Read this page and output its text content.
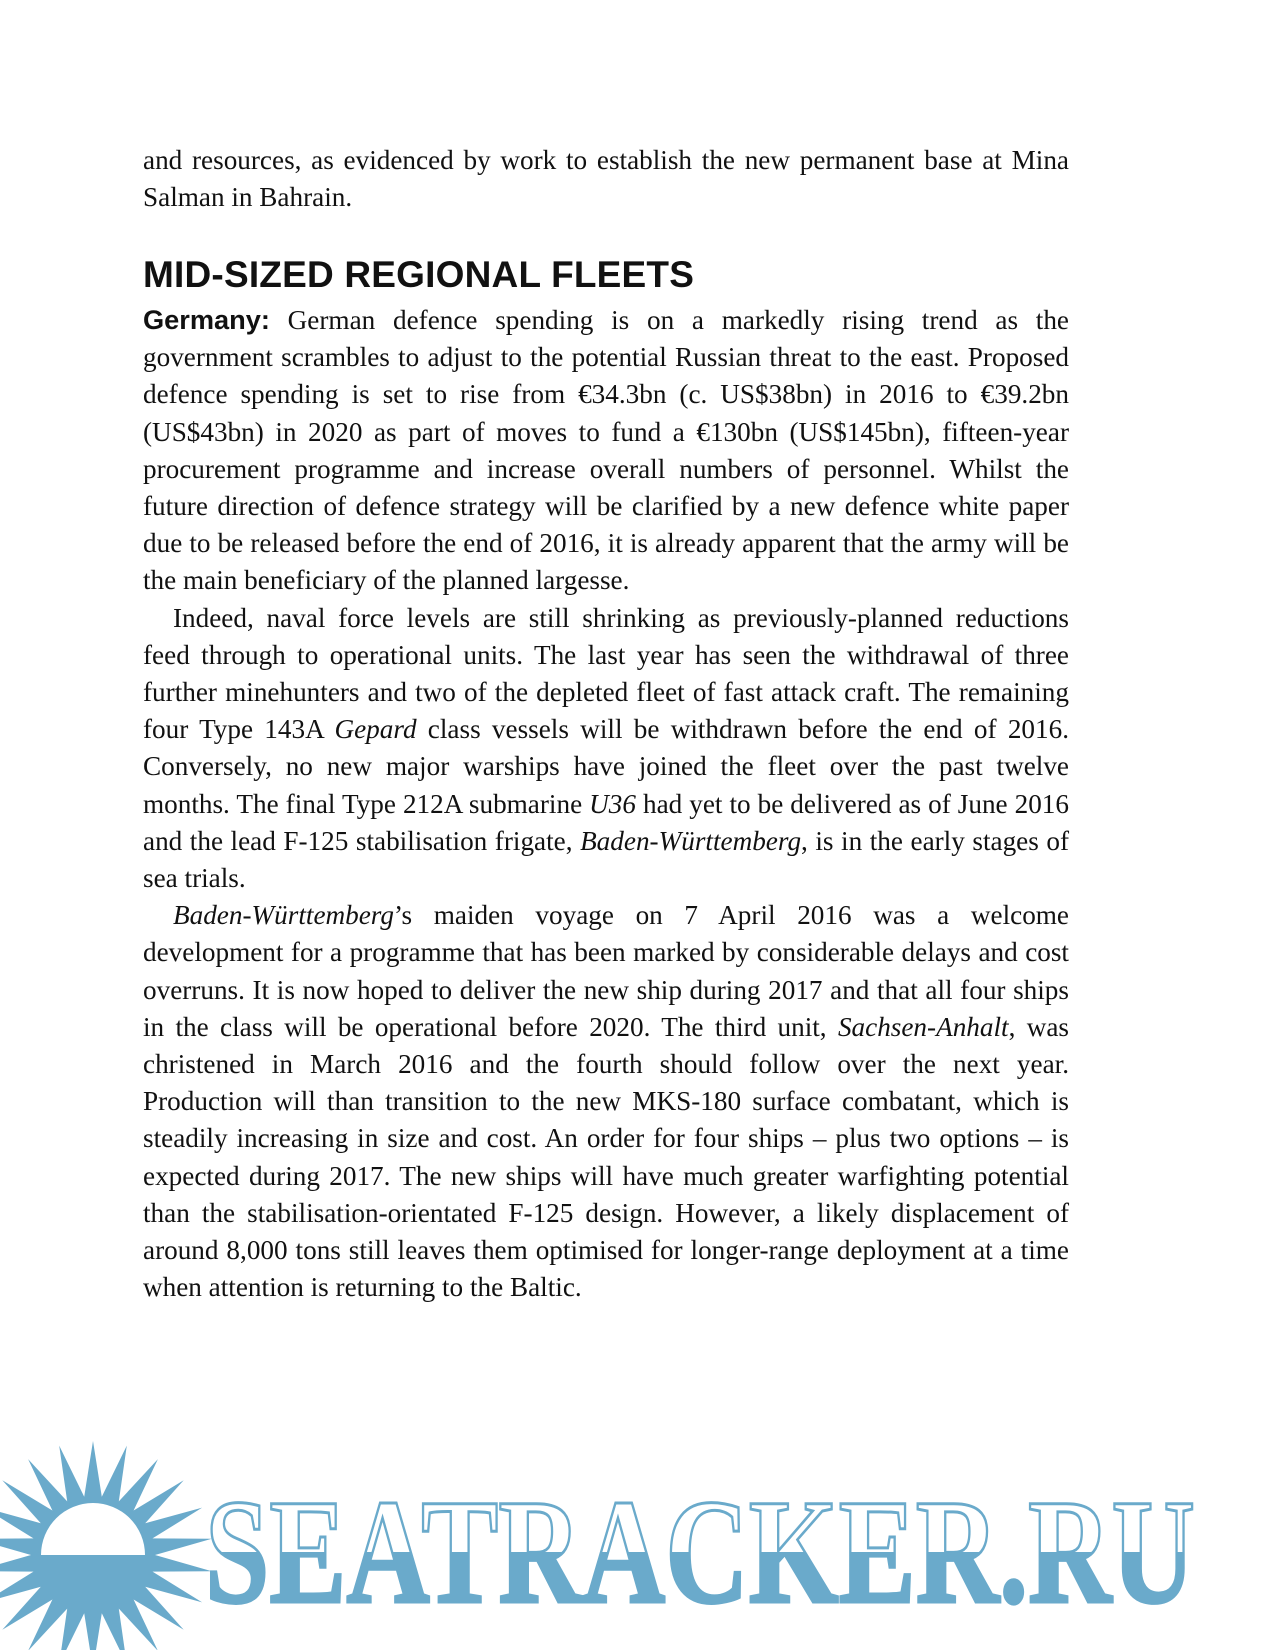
and resources, as evidenced by work to establish the new permanent base at Mina Salman in Bahrain.

MID-SIZED REGIONAL FLEETS

Germany: German defence spending is on a markedly rising trend as the government scrambles to adjust to the potential Russian threat to the east. Proposed defence spending is set to rise from €34.3bn (c. US$38bn) in 2016 to €39.2bn (US$43bn) in 2020 as part of moves to fund a €130bn (US$145bn), fifteen-year procurement programme and increase overall numbers of personnel. Whilst the future direction of defence strategy will be clarified by a new defence white paper due to be released before the end of 2016, it is already apparent that the army will be the main beneficiary of the planned largesse.

Indeed, naval force levels are still shrinking as previously-planned reductions feed through to operational units. The last year has seen the withdrawal of three further minehunters and two of the depleted fleet of fast attack craft. The remaining four Type 143A Gepard class vessels will be withdrawn before the end of 2016. Conversely, no new major warships have joined the fleet over the past twelve months. The final Type 212A submarine U36 had yet to be delivered as of June 2016 and the lead F-125 stabilisation frigate, Baden-Württemberg, is in the early stages of sea trials.

Baden-Württemberg’s maiden voyage on 7 April 2016 was a welcome development for a programme that has been marked by considerable delays and cost overruns. It is now hoped to deliver the new ship during 2017 and that all four ships in the class will be operational before 2020. The third unit, Sachsen-Anhalt, was christened in March 2016 and the fourth should follow over the next year. Production will than transition to the new MKS-180 surface combatant, which is steadily increasing in size and cost. An order for four ships – plus two options – is expected during 2017. The new ships will have much greater warfighting potential than the stabilisation-orientated F-125 design. However, a likely displacement of around 8,000 tons still leaves them optimised for longer-range deployment at a time when attention is returning to the Baltic.

SEATRACKER.RU
